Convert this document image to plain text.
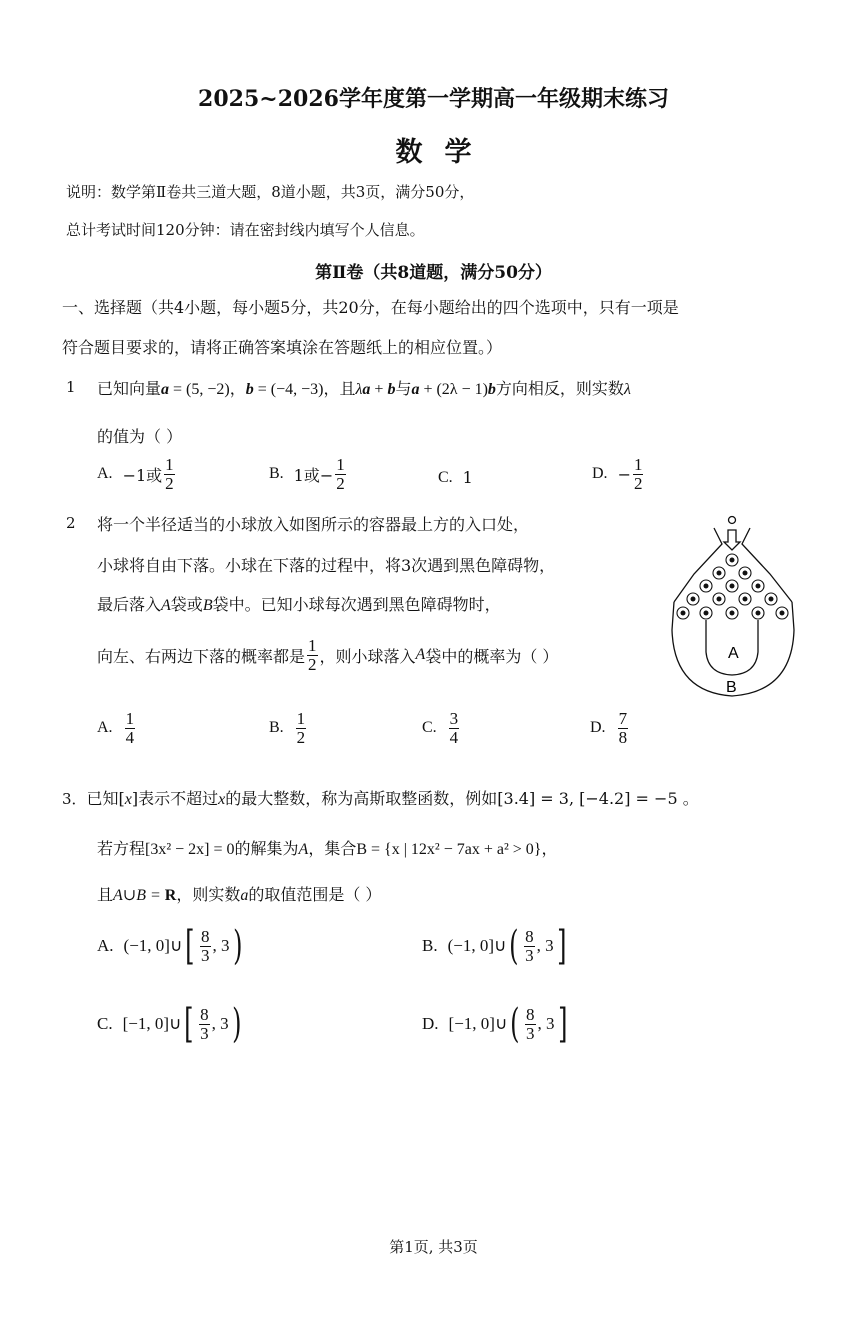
2025~2026学年度第一学期高一年级期末练习
数学
说明：数学第Ⅱ卷共三道大题，8道小题，共3页，满分50分，
总计考试时间120分钟：请在密封线内填写个人信息。
第Ⅱ卷（共8道题，满分50分）
一、选择题（共4小题，每小题5分，共20分，在每小题给出的四个选项中，只有一项是
符合题目要求的，请将正确答案填涂在答题纸上的相应位置。）
1 已知向量a = (5, −2)，b = (−4, −3)，且λa + b与a + (2λ − 1)b方向相反，则实数λ
的值为（ ）
A. −1或 $\frac{1}{2}$	B. 1或− $\frac{1}{2}$	C. 1	D. − $\frac{1}{2}$
2 将一个半径适当的小球放入如图所示的容器最上方的入口处，
小球将自由下落。小球在下落的过程中，将3次遇到黑色障碍物，
最后落入A袋或B袋中。已知小球每次遇到黑色障碍物时，
向左、右两边下落的概率都是 $\frac{1}{2}$ ，则小球落入 A 袋中的概率为（ ）
A. $\frac{1}{4}$	B. $\frac{1}{2}$	C. $\frac{3}{4}$	D. $\frac{7}{8}$
A
B
3．已知[x]表示不超过x的最大整数，称为高斯取整函数，例如[3.4] = 3, [−4.2] = −5 。
若方程[3x² − 2x] = 0的解集为A，集合B = {x | 12x² − 7ax + a² > 0}，
且A∪B = R，则实数a的取值范围是（ ）
A. (−1, 0]∪ [ $\frac{8}{3}$ , 3 )	B. (−1, 0]∪ ( $\frac{8}{3}$ , 3 ]
C. [−1, 0]∪ [ $\frac{8}{3}$ , 3 )	D. [−1, 0]∪ ( $\frac{8}{3}$ , 3 ]
第1页, 共3页
